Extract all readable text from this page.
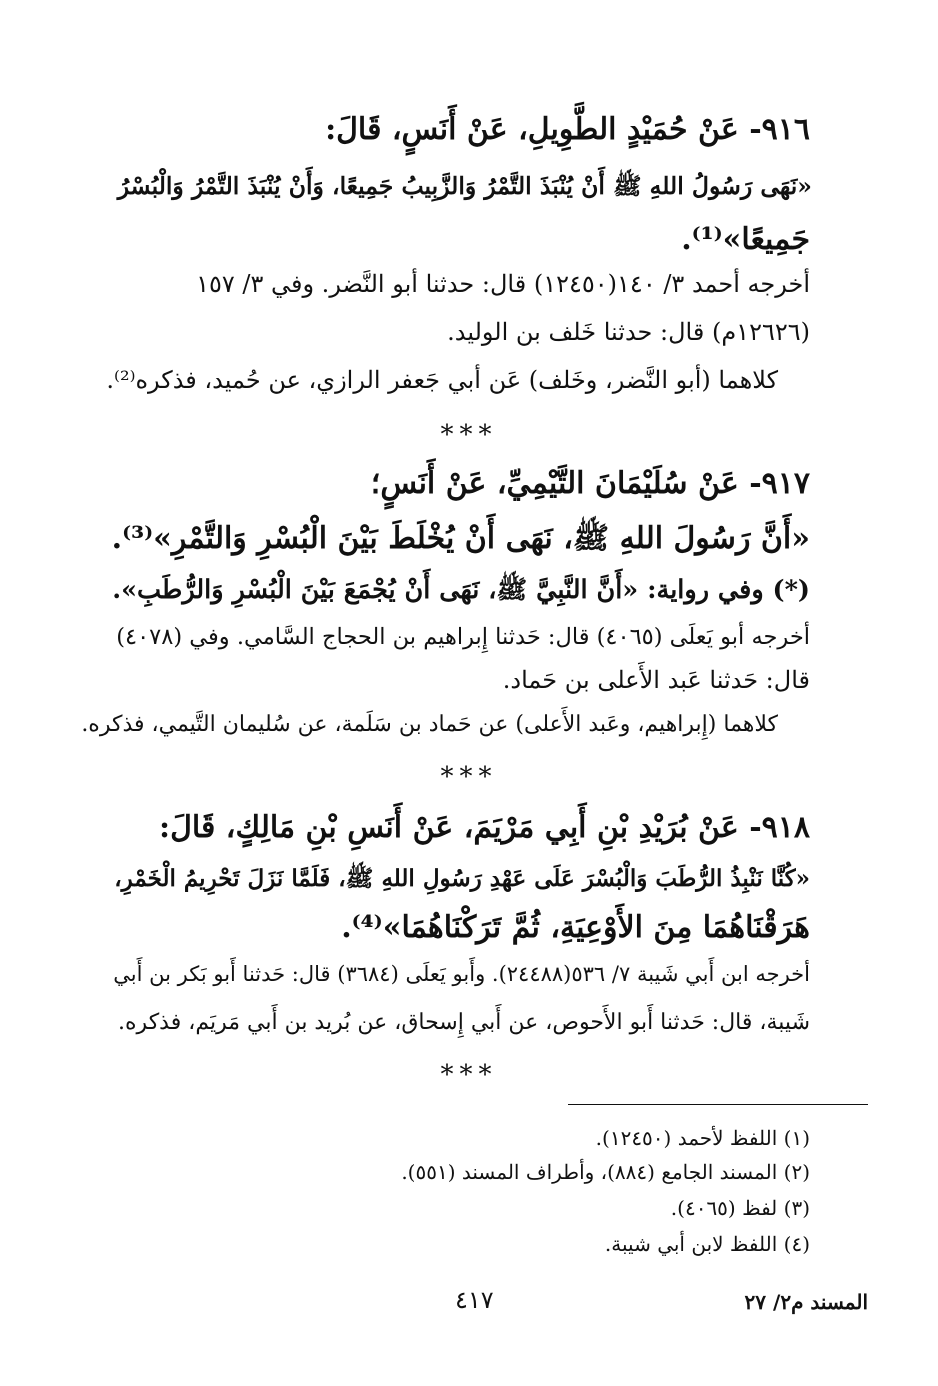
٩١٦- عَنْ حُمَيْدٍ الطَّوِيلِ، عَنْ أَنَسٍ، قَالَ:
«نَهَى رَسُولُ اللهِ ﷺ أَنْ يُنْبَذَ التَّمْرُ وَالزَّبِيبُ جَمِيعًا، وَأَنْ يُنْبَذَ التَّمْرُ وَالْبُسْرُ
جَمِيعًا»⁽¹⁾.
أخرجه أحمد ٣/ ١٤٠(١٢٤٥٠) قال: حدثنا أبو النَّضر. وفي ٣/ ١٥٧
(١٢٦٢٦م) قال: حدثنا خَلف بن الوليد.
كلاهما (أبو النَّضر، وخَلف) عَن أبي جَعفر الرازي، عن حُميد، فذكره⁽²⁾.
***
٩١٧- عَنْ سُلَيْمَانَ التَّيْمِيِّ، عَنْ أَنَسٍ؛
«أَنَّ رَسُولَ اللهِ ﷺ، نَهَى أَنْ يُخْلَطَ بَيْنَ الْبُسْرِ وَالتَّمْرِ»⁽³⁾.
(*) وفي رواية: «أَنَّ النَّبِيَّ ﷺ، نَهَى أَنْ يُجْمَعَ بَيْنَ الْبُسْرِ وَالرُّطَبِ».
أخرجه أبو يَعلَى (٤٠٦٥) قال: حَدثنا إِبراهيم بن الحجاج السَّامي. وفي (٤٠٧٨)
قال: حَدثنا عَبد الأَعلى بن حَماد.
كلاهما (إِبراهيم، وعَبد الأَعلى) عن حَماد بن سَلَمة، عن سُليمان التَّيمي، فذكره.
***
٩١٨- عَنْ بُرَيْدِ بْنِ أَبِي مَرْيَمَ، عَنْ أَنَسِ بْنِ مَالِكٍ، قَالَ:
«كُنَّا نَنْبِذُ الرُّطَبَ وَالْبُسْرَ عَلَى عَهْدِ رَسُولِ اللهِ ﷺ، فَلَمَّا نَزَلَ تَحْرِيمُ الْخَمْرِ،
هَرَقْنَاهُمَا مِنَ الأَوْعِيَةِ، ثُمَّ تَرَكْنَاهُمَا»⁽⁴⁾.
أخرجه ابن أَبي شَيبة ٧/ ٥٣٦(٢٤٤٨٨). وأَبو يَعلَى (٣٦٨٤) قال: حَدثنا أَبو بَكر بن أَبي
شَيبة، قال: حَدثنا أَبو الأَحوص، عن أَبي إِسحاق، عن بُريد بن أَبي مَريَم، فذكره.
***
(١) اللفظ لأحمد (١٢٤٥٠).
(٢) المسند الجامع (٨٨٤)، وأطراف المسند (٥٥١).
(٣) لفظ (٤٠٦٥).
(٤) اللفظ لابن أبي شيبة.
٤١٧	المسند م٢/ ٢٧
